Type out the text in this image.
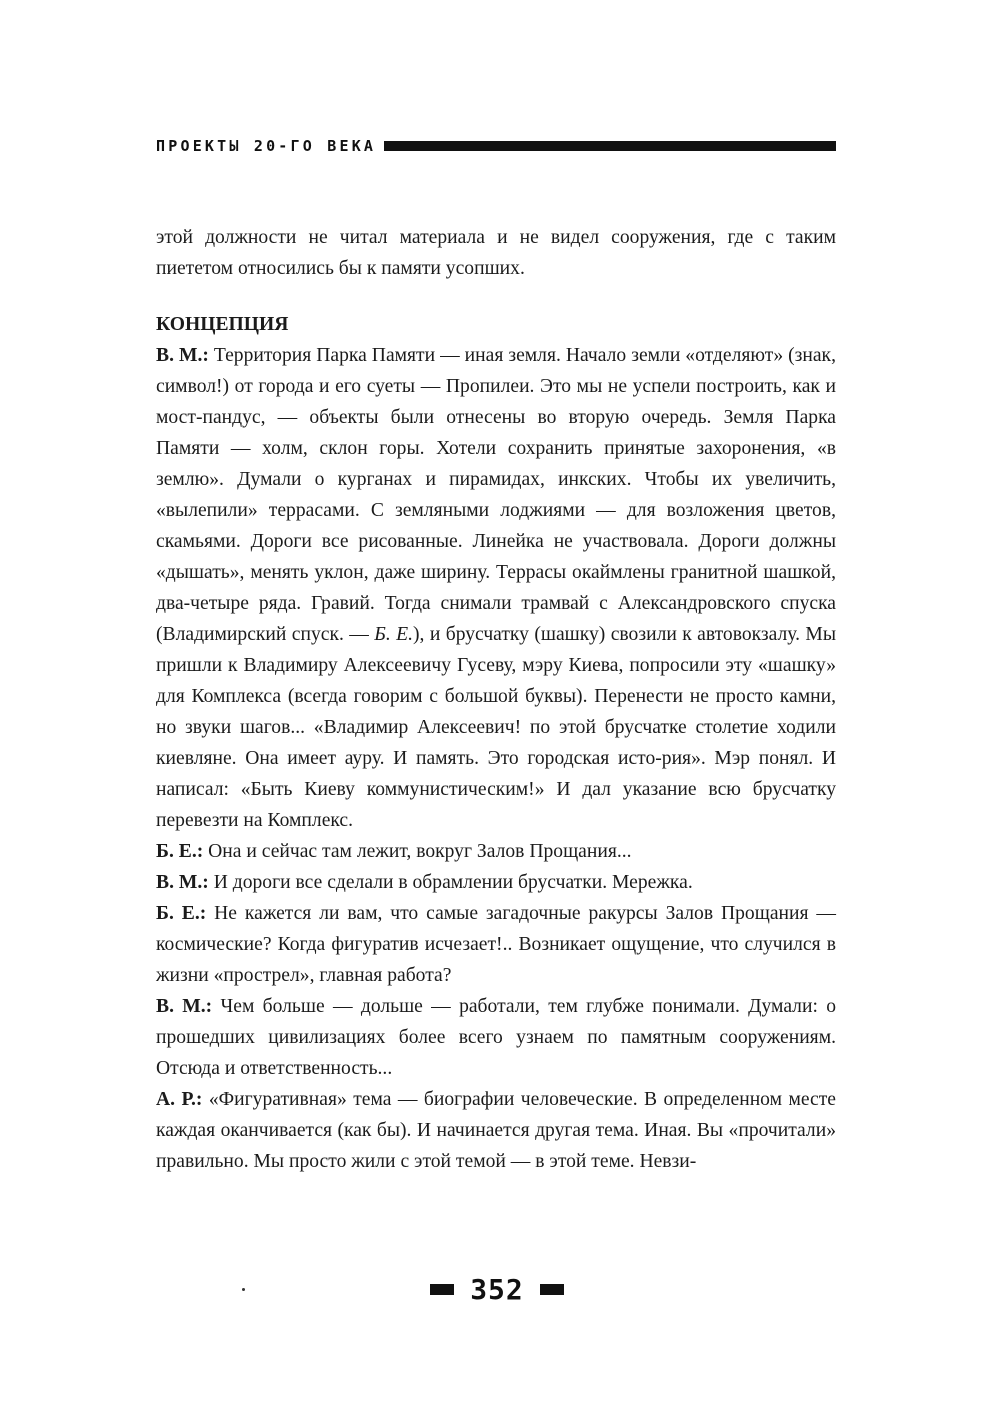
ПРОЕКТЫ 20-ГО ВЕКА

этой должности не читал материала и не видел сооружения, где с таким пиететом относились бы к памяти усопших.

КОНЦЕПЦИЯ

В. М.: Территория Парка Памяти — иная земля. Начало земли «отделяют» (знак, символ!) от города и его суеты — Пропилеи. Это мы не успели построить, как и мост-пандус, — объекты были отнесены во вторую очередь. Земля Парка Памяти — холм, склон горы. Хотели сохранить принятые захоронения, «в землю». Думали о курганах и пирамидах, инкских. Чтобы их увеличить, «вылепили» террасами. С земляными лоджиями — для возложения цветов, скамьями. Дороги все рисованные. Линейка не участвовала. Дороги должны «дышать», менять уклон, даже ширину. Террасы окаймлены гранитной шашкой, два-четыре ряда. Гравий. Тогда снимали трамвай с Александровского спуска (Владимирский спуск. — Б. Е.), и брусчатку (шашку) свозили к автовокзалу. Мы пришли к Владимиру Алексеевичу Гусеву, мэру Киева, попросили эту «шашку» для Комплекса (всегда говорим с большой буквы). Перенести не просто камни, но звуки шагов... «Владимир Алексеевич! по этой брусчатке столетие ходили киевляне. Она имеет ауру. И память. Это городская исто-рия». Мэр понял. И написал: «Быть Киеву коммунистическим!» И дал указание всю брусчатку перевезти на Комплекс.

Б. Е.: Она и сейчас там лежит, вокруг Залов Прощания...

В. М.: И дороги все сделали в обрамлении брусчатки. Мережка.

Б. Е.: Не кажется ли вам, что самые загадочные ракурсы Залов Прощания — космические? Когда фигуратив исчезает!.. Возникает ощущение, что случился в жизни «прострел», главная работа?

В. М.: Чем больше — дольше — работали, тем глубже понимали. Думали: о прошедших цивилизациях более всего узнаем по памятным сооружениям. Отсюда и ответственность...

А. Р.: «Фигуративная» тема — биографии человеческие. В определенном месте каждая оканчивается (как бы). И начинается другая тема. Иная. Вы «прочитали» правильно. Мы просто жили с этой темой — в этой теме. Невзи-

352
